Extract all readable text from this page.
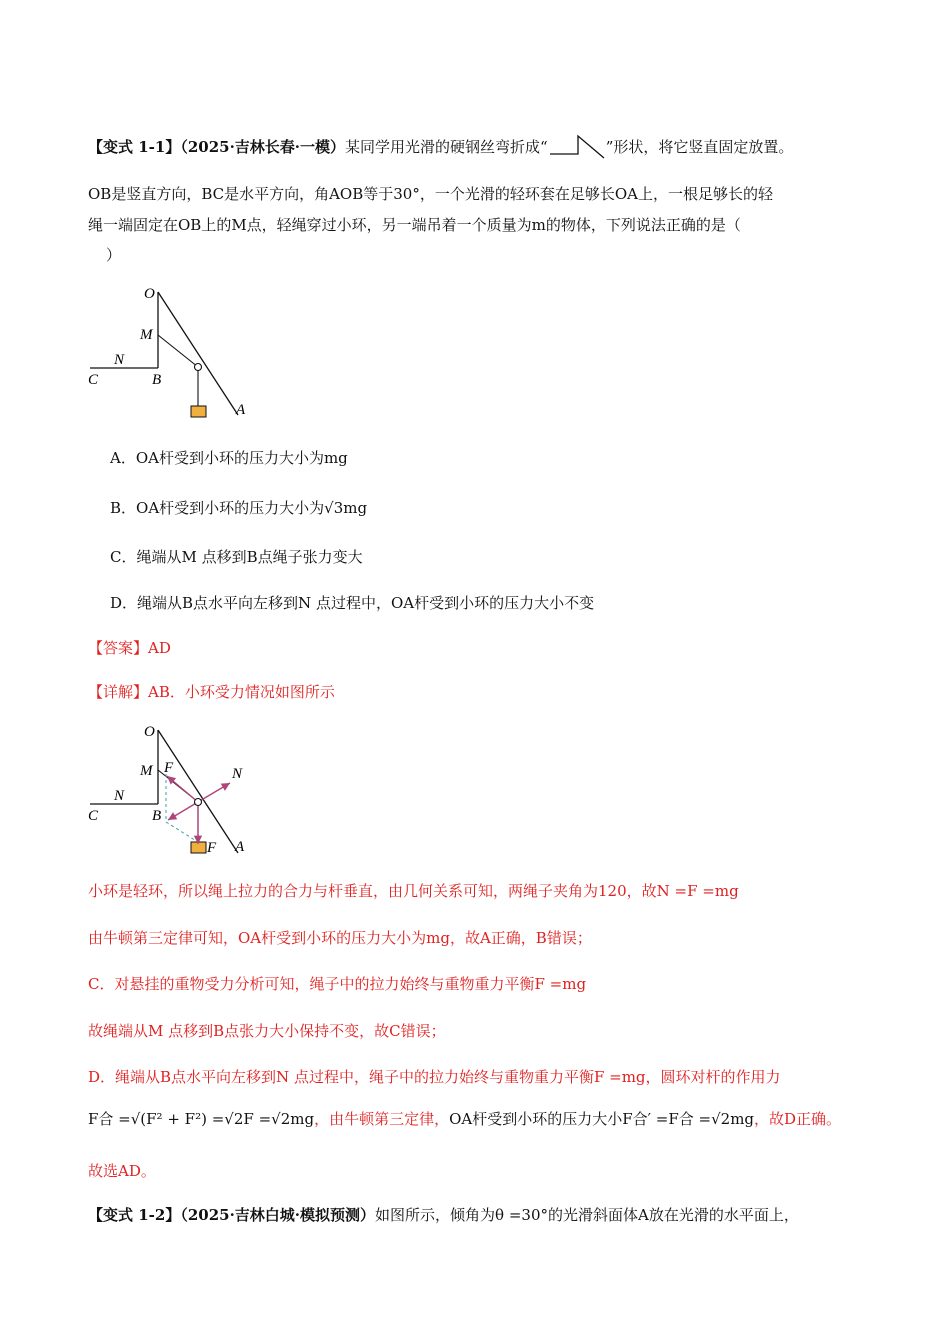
【变式 1-1】（2025·吉林长春·一模）某同学用光滑的硬钢丝弯折成“	”形状，将它竖直固定放置。
OB是竖直方向，BC是水平方向，角AOB等于30°，一个光滑的轻环套在足够长OA上，一根足够长的轻
绳一端固定在OB上的M点，轻绳穿过小环，另一端吊着一个质量为m的物体，下列说法正确的是（
）
O
M
N
C	B
A
A．OA杆受到小环的压力大小为mg
B．OA杆受到小环的压力大小为√3mg
C．绳端从M 点移到B点绳子张力变大
D．绳端从B点水平向左移到N 点过程中，OA杆受到小环的压力大小不变
【答案】AD
【详解】AB．小环受力情况如图所示
O
M F	N
N
C	B
A
F
小环是轻环，所以绳上拉力的合力与杆垂直，由几何关系可知，两绳子夹角为120，故N =F =mg
由牛顿第三定律可知，OA杆受到小环的压力大小为mg，故A正确，B错误；
C．对悬挂的重物受力分析可知，绳子中的拉力始终与重物重力平衡F =mg
故绳端从M 点移到B点张力大小保持不变，故C错误；
D．绳端从B点水平向左移到N 点过程中，绳子中的拉力始终与重物重力平衡F =mg，圆环对杆的作用力
F合 =√(F² + F²) =√2F =√2mg，由牛顿第三定律，OA杆受到小环的压力大小F合′ =F合 =√2mg，故D正确。
故选AD。
【变式 1-2】（2025·吉林白城·模拟预测）如图所示，倾角为θ =30°的光滑斜面体A放在光滑的水平面上，
